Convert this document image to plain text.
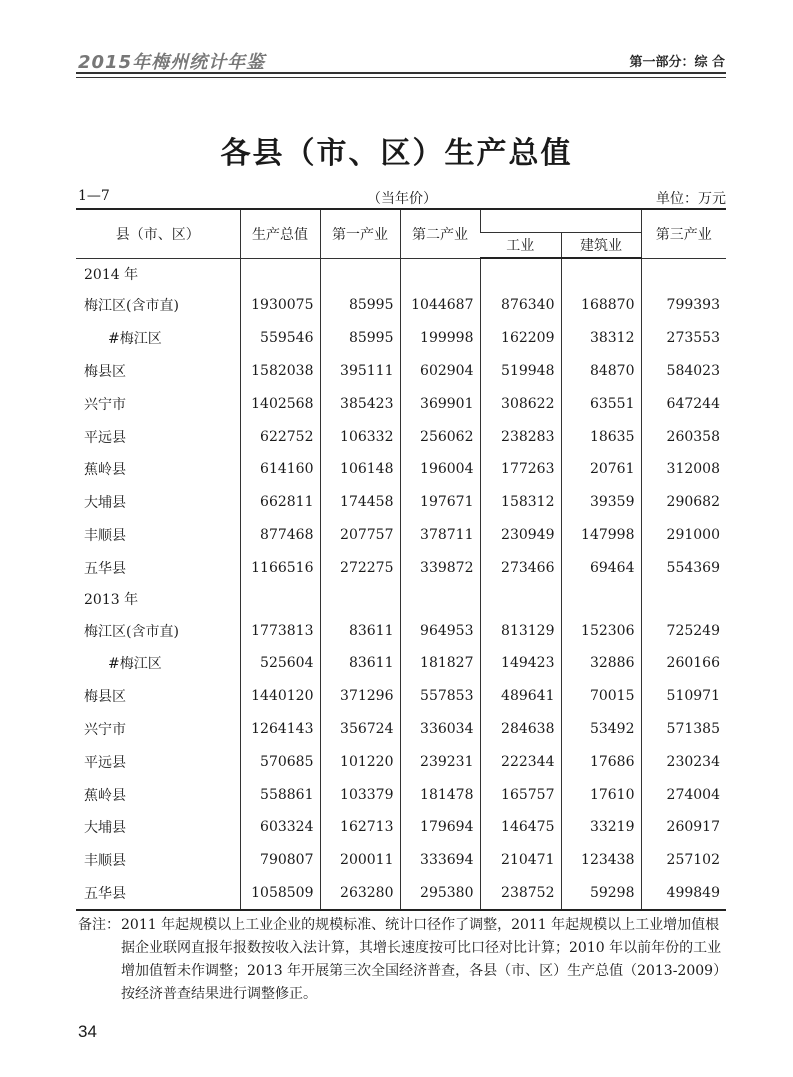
2015年梅州统计年鉴	第一部分：综 合
各县（市、区）生产总值
1—7	（当年价）	单位：万元
县（市、区）	生产总值	第一产业	第二产业			第三产业
				工业	建筑业	
2014 年						
梅江区(含市直)	1930075	85995	1044687	876340	168870	799393
#梅江区	559546	85995	199998	162209	38312	273553
梅县区	1582038	395111	602904	519948	84870	584023
兴宁市	1402568	385423	369901	308622	63551	647244
平远县	622752	106332	256062	238283	18635	260358
蕉岭县	614160	106148	196004	177263	20761	312008
大埔县	662811	174458	197671	158312	39359	290682
丰顺县	877468	207757	378711	230949	147998	291000
五华县	1166516	272275	339872	273466	69464	554369
2013 年						
梅江区(含市直)	1773813	83611	964953	813129	152306	725249
#梅江区	525604	83611	181827	149423	32886	260166
梅县区	1440120	371296	557853	489641	70015	510971
兴宁市	1264143	356724	336034	284638	53492	571385
平远县	570685	101220	239231	222344	17686	230234
蕉岭县	558861	103379	181478	165757	17610	274004
大埔县	603324	162713	179694	146475	33219	260917
丰顺县	790807	200011	333694	210471	123438	257102
五华县	1058509	263280	295380	238752	59298	499849
备注： 2011 年起规模以上工业企业的规模标准、统计口径作了调整，2011 年起规模以上工业增加值根据企业联网直报年报数按收入法计算，其增长速度按可比口径对比计算；2010 年以前年份的工业增加值暂未作调整；2013 年开展第三次全国经济普查，各县（市、区）生产总值（2013-2009）按经济普查结果进行调整修正。
34
